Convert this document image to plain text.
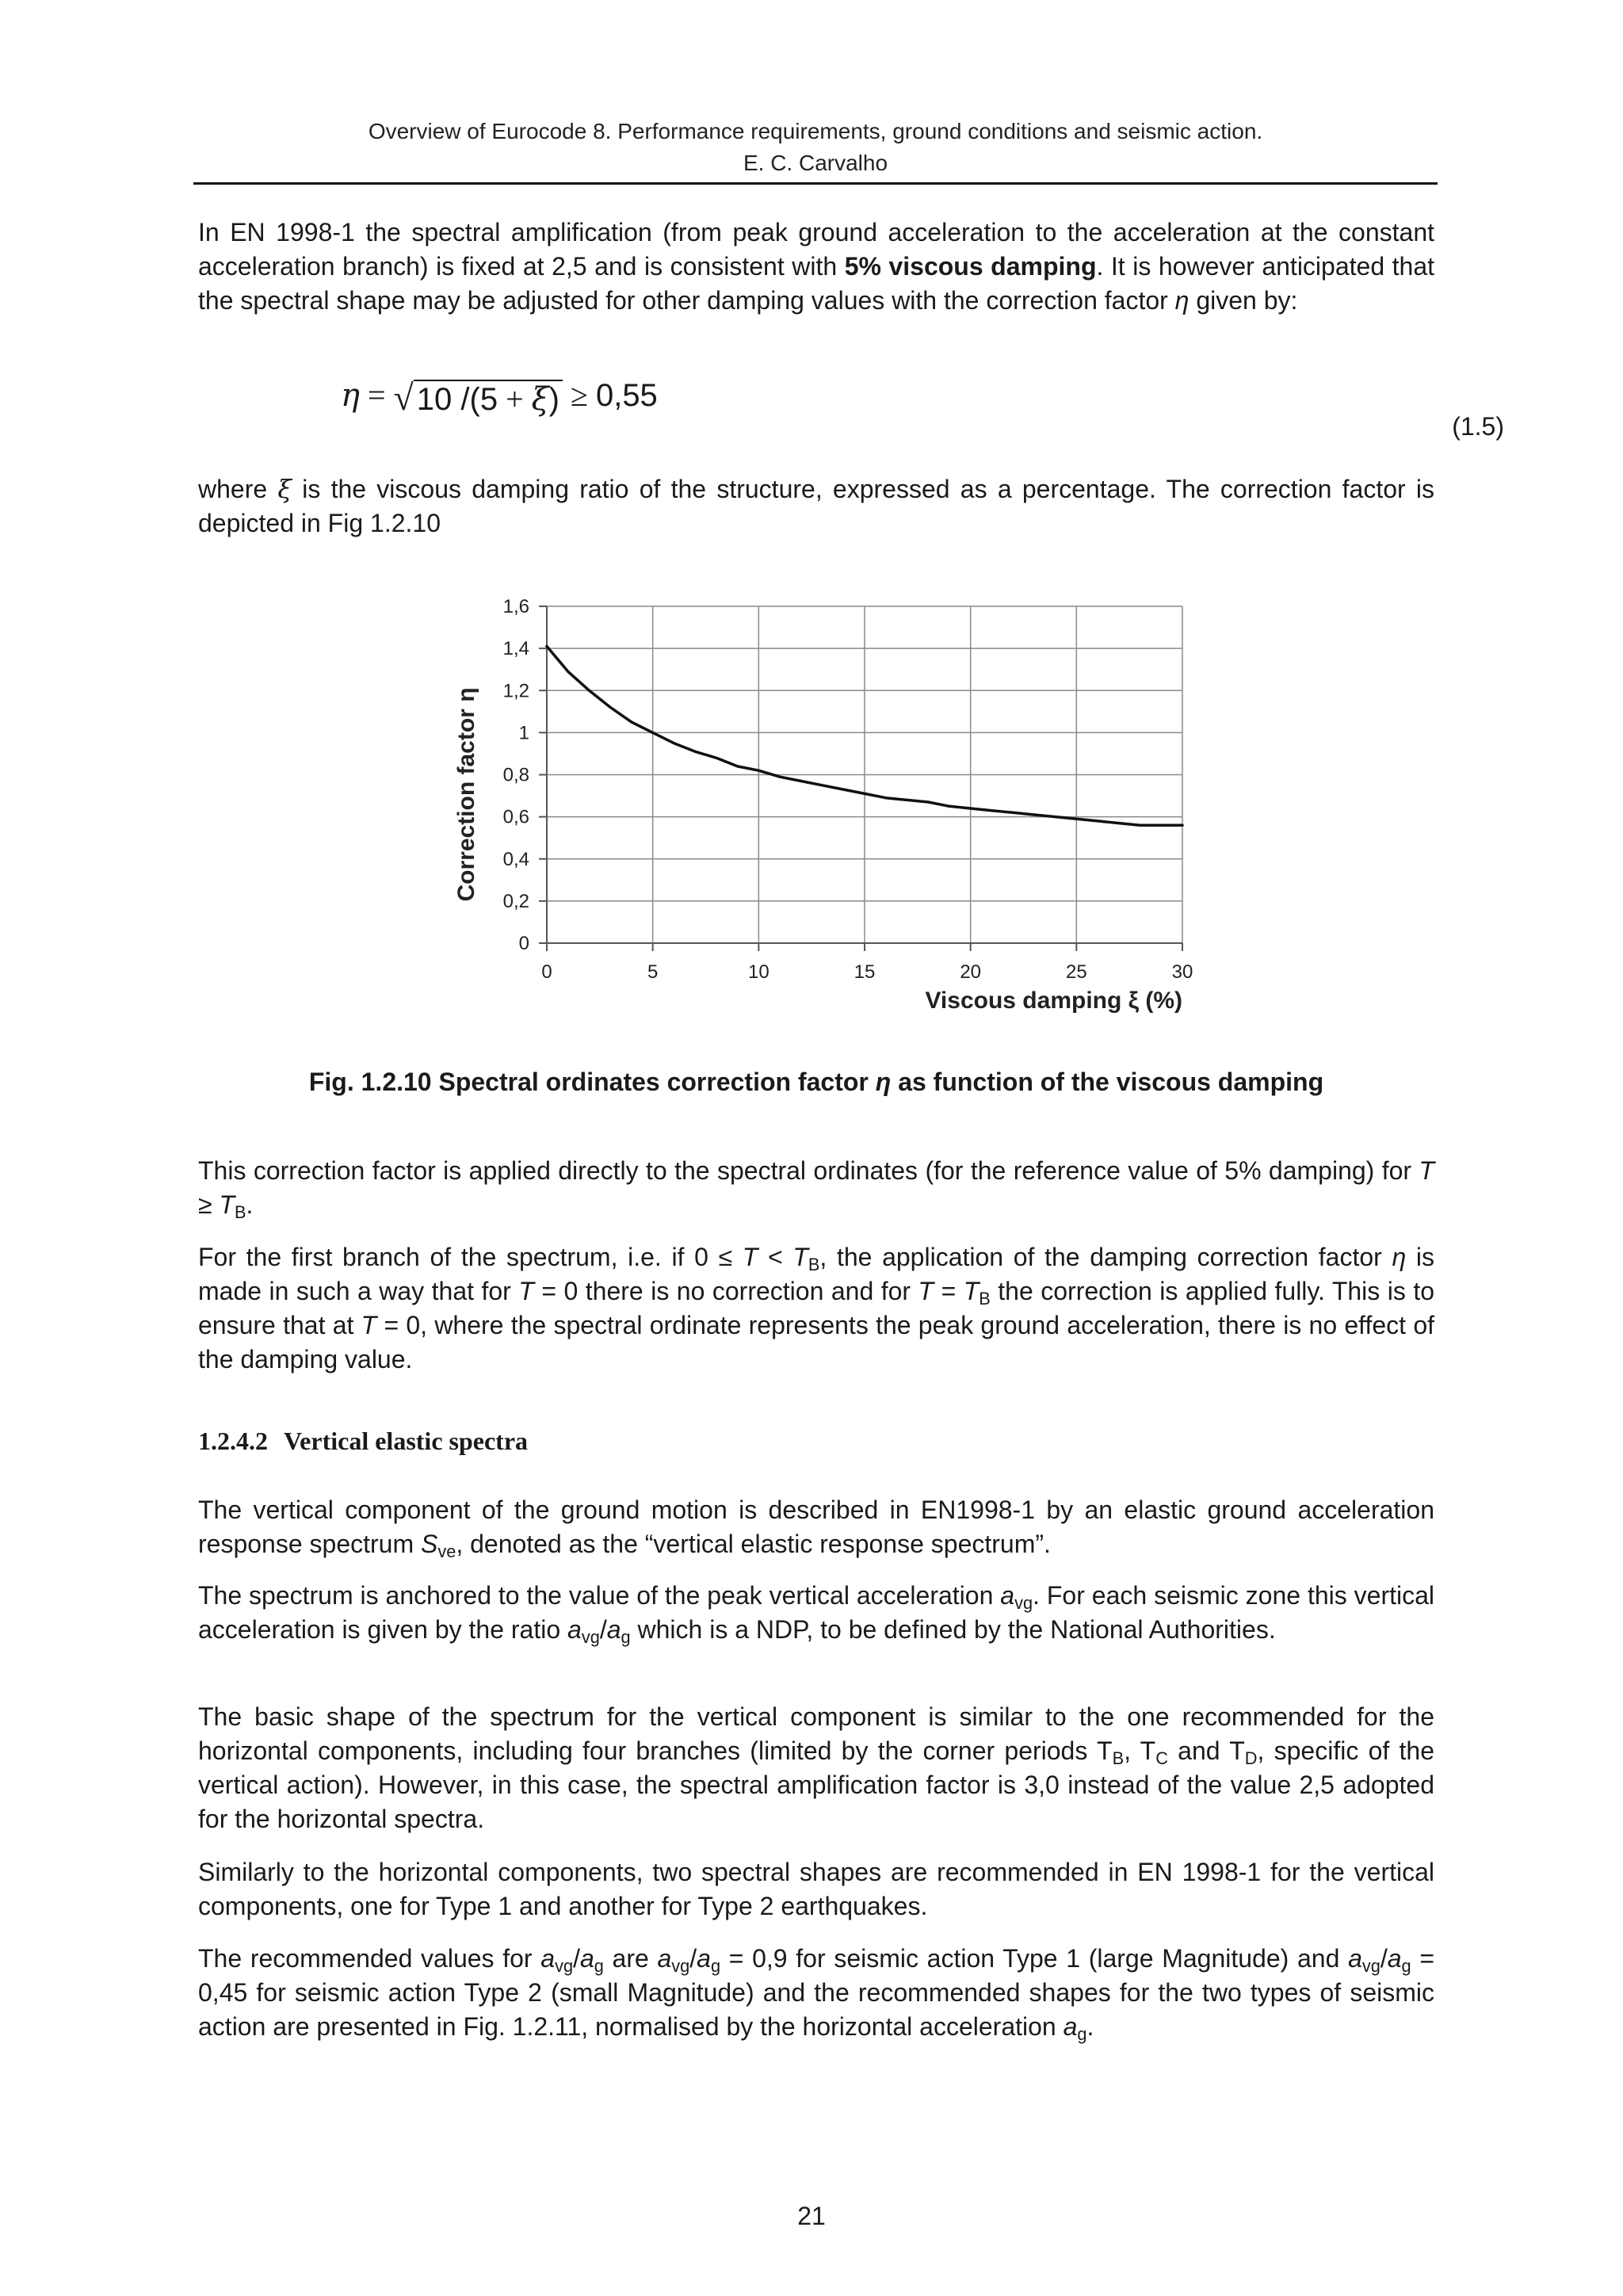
Overview of Eurocode 8. Performance requirements, ground conditions and seismic action.
E. C. Carvalho

In EN 1998-1 the spectral amplification (from peak ground acceleration to the acceleration at the constant acceleration branch) is fixed at 2,5 and is consistent with 5% viscous damping. It is however anticipated that the spectral shape may be adjusted for other damping values with the correction factor η given by:

η = √ 10 /(5 + ξ) ≥ 0,55
(1.5)

where ξ is the viscous damping ratio of the structure, expressed as a percentage. The correction factor is depicted in Fig 1.2.10

0
0,2
0,4
0,6
0,8
1
1,2
1,4
1,6
0	5	10	15	20	25	30
Correction factor η
Viscous damping ξ (%)
Fig. 1.2.10 Spectral ordinates correction factor η as function of the viscous damping

This correction factor is applied directly to the spectral ordinates (for the reference value of 5% damping) for $T \ge T_B$.

For the first branch of the spectrum, i.e. if $0 \le T < T_B$, the application of the damping correction factor η is made in such a way that for T = 0 there is no correction and for $T = T_B$ the correction is applied fully. This is to ensure that at T = 0, where the spectral ordinate represents the peak ground acceleration, there is no effect of the damping value.

1.2.4.2 Vertical elastic spectra

The vertical component of the ground motion is described in EN1998-1 by an elastic ground acceleration response spectrum $S_{ve}$, denoted as the “vertical elastic response spectrum”.

The spectrum is anchored to the value of the peak vertical acceleration $a_{vg}$. For each seismic zone this vertical acceleration is given by the ratio $a_{vg}/a_g$ which is a NDP, to be defined by the National Authorities.

The basic shape of the spectrum for the vertical component is similar to the one recommended for the horizontal components, including four branches (limited by the corner periods $T_B$, $T_C$ and $T_D$, specific of the vertical action). However, in this case, the spectral amplification factor is 3,0 instead of the value 2,5 adopted for the horizontal spectra.

Similarly to the horizontal components, two spectral shapes are recommended in EN 1998-1 for the vertical components, one for Type 1 and another for Type 2 earthquakes.

The recommended values for $a_{vg}/a_g$ are $a_{vg}/a_g = 0,9$ for seismic action Type 1 (large Magnitude) and $a_{vg}/a_g = 0,45$ for seismic action Type 2 (small Magnitude) and the recommended shapes for the two types of seismic action are presented in Fig. 1.2.11, normalised by the horizontal acceleration $a_g$.

21
